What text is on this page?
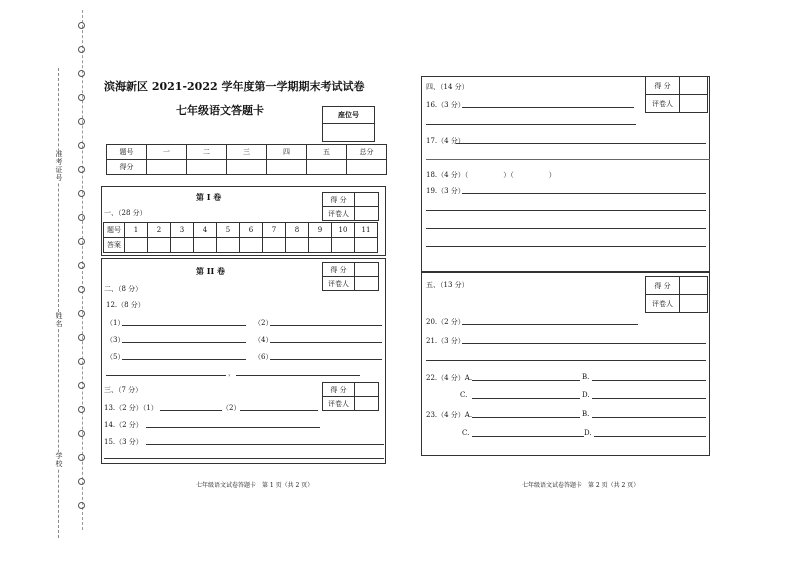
准考证号
姓名
学校
滨海新区 2021-2022 学年度第一学期期末考试试卷
七年级语文答题卡	座位号

题号	一	二	三	四	五	总分
得分						
第 I 卷
一、（28 分）
得 分	
评卷人	
题号	1	2	3	4	5	6	7	8	9	10	11
答案											
第 II 卷	得 分	
评卷人	
二、（8 分）
12.（8 分）
（1）	（2）
（3）	（4）
（5）	（6）
，
三、（7 分）	得 分	
评卷人	
13.（2 分）（1）	（2）
14.（2 分）
15.（3 分）
七年级语文试卷答题卡　第 1 页（共 2 页）
四、（14 分）	得 分	
评卷人	
16.（3 分）
17.（4 分）
18.（4 分）（　　　　　）（　　　　　）
19.（3 分）
五、（13 分）	得 分	
评卷人	
20.（2 分）
21.（3 分）
22.（4 分）A.	B.
C.	D.
23.（4 分）A.	B.
C.	D.
七年级语文试卷答题卡　第 2 页（共 2 页）
